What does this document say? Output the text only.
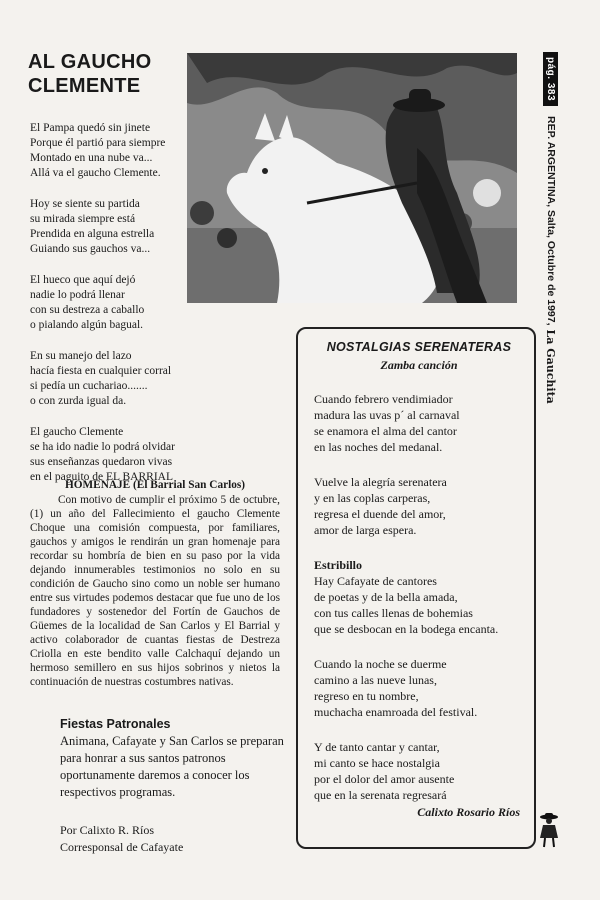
AL GAUCHO
CLEMENTE	pág. 383
REP. ARGENTINA, Salta, Octubre de 1997,
La Gauchita
El Pampa quedó sin jinete
Porque él partió para siempre
Montado en una nube va...
Allá va el gaucho Clemente.
Hoy se siente su partida
su mirada siempre está
Prendida en alguna estrella
Guiando sus gauchos va...
El hueco que aquí dejó
nadie lo podrá llenar
con su destreza a caballo
o pialando algún bagual.
En su manejo del lazo
hacía fiesta en cualquier corral
si pedía un cuchariao.......
o con zurda igual da.
El gaucho Clemente
se ha ido nadie lo podrá olvidar
sus enseñanzas quedaron vivas
en el paguito de EL BARRIAL
HOMENAJE (El Barrial San Carlos)

Con motivo de cumplir el próximo 5 de octubre, (1) un año del Fallecimiento el gaucho Clemente Choque una comisión compuesta, por familiares, gauchos y amigos le rendirán un gran homenaje para recordar su hombría de bien en su paso por la vida dejando innumerables testimonios no solo en su condición de Gaucho sino como un noble ser humano entre sus virtudes podemos destacar que fue uno de los fundadores y sostenedor del Fortín de Gauchos de Güemes de la localidad de San Carlos y El Barrial y activo colaborador de cuantas fiestas de Destreza Criolla en este bendito valle Calchaquí dejando un hermoso semillero en sus hijos sobrinos y nietos la continuación de nuestras costumbres nativas.

Fiestas Patronales

Animana, Cafayate y San Carlos se preparan para honrar a sus santos patronos oportunamente daremos a conocer los respectivos programas.

Por Calixto R. Ríos
Corresponsal de Cafayate

NOSTALGIAS SERENATERAS

Zamba canción

Cuando febrero vendimiador
madura las uvas p´ al carnaval
se enamora el alma del cantor
en las noches del medanal.
Vuelve la alegría serenatera
y en las coplas carperas,
regresa el duende del amor,
amor de larga espera.
Estribillo
Hay Cafayate de cantores
de poetas y de la bella amada,
con tus calles llenas de bohemias
que se desbocan en la bodega encanta.
Cuando la noche se duerme
camino a las nueve lunas,
regreso en tu nombre,
muchacha enamroada del festival.
Y de tanto cantar y cantar,
mi canto se hace nostalgia
por el dolor del amor ausente
que en la serenata regresará
Calixto Rosario Ríos
